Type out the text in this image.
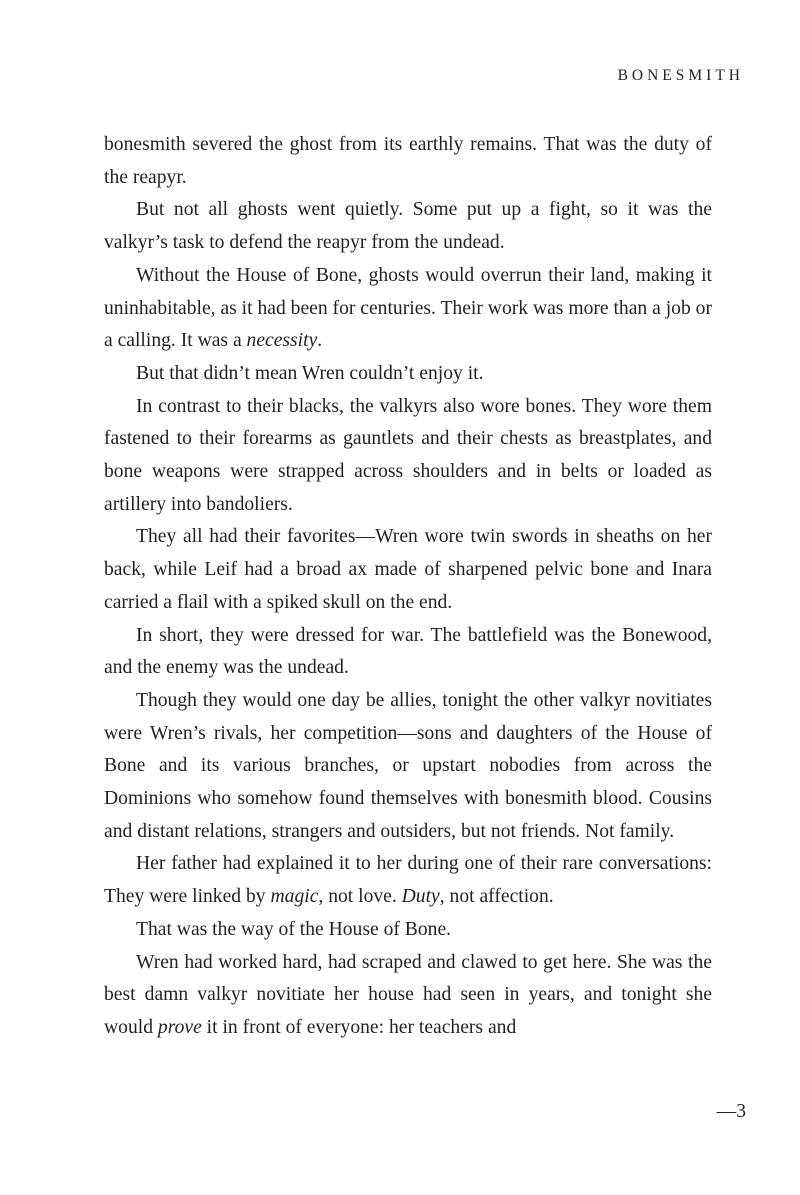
BONESMITH

bonesmith severed the ghost from its earthly remains. That was the duty of the reapyr.

But not all ghosts went quietly. Some put up a fight, so it was the valkyr’s task to defend the reapyr from the undead.

Without the House of Bone, ghosts would overrun their land, making it uninhabitable, as it had been for centuries. Their work was more than a job or a calling. It was a necessity.

But that didn’t mean Wren couldn’t enjoy it.

In contrast to their blacks, the valkyrs also wore bones. They wore them fastened to their forearms as gauntlets and their chests as breastplates, and bone weapons were strapped across shoulders and in belts or loaded as artillery into bandoliers.

They all had their favorites—Wren wore twin swords in sheaths on her back, while Leif had a broad ax made of sharpened pelvic bone and Inara carried a flail with a spiked skull on the end.

In short, they were dressed for war. The battlefield was the Bonewood, and the enemy was the undead.

Though they would one day be allies, tonight the other valkyr novitiates were Wren’s rivals, her competition—sons and daughters of the House of Bone and its various branches, or upstart nobodies from across the Dominions who somehow found themselves with bonesmith blood. Cousins and distant relations, strangers and outsiders, but not friends. Not family.

Her father had explained it to her during one of their rare conversations: They were linked by magic, not love. Duty, not affection.

That was the way of the House of Bone.

Wren had worked hard, had scraped and clawed to get here. She was the best damn valkyr novitiate her house had seen in years, and tonight she would prove it in front of everyone: her teachers and

—3
